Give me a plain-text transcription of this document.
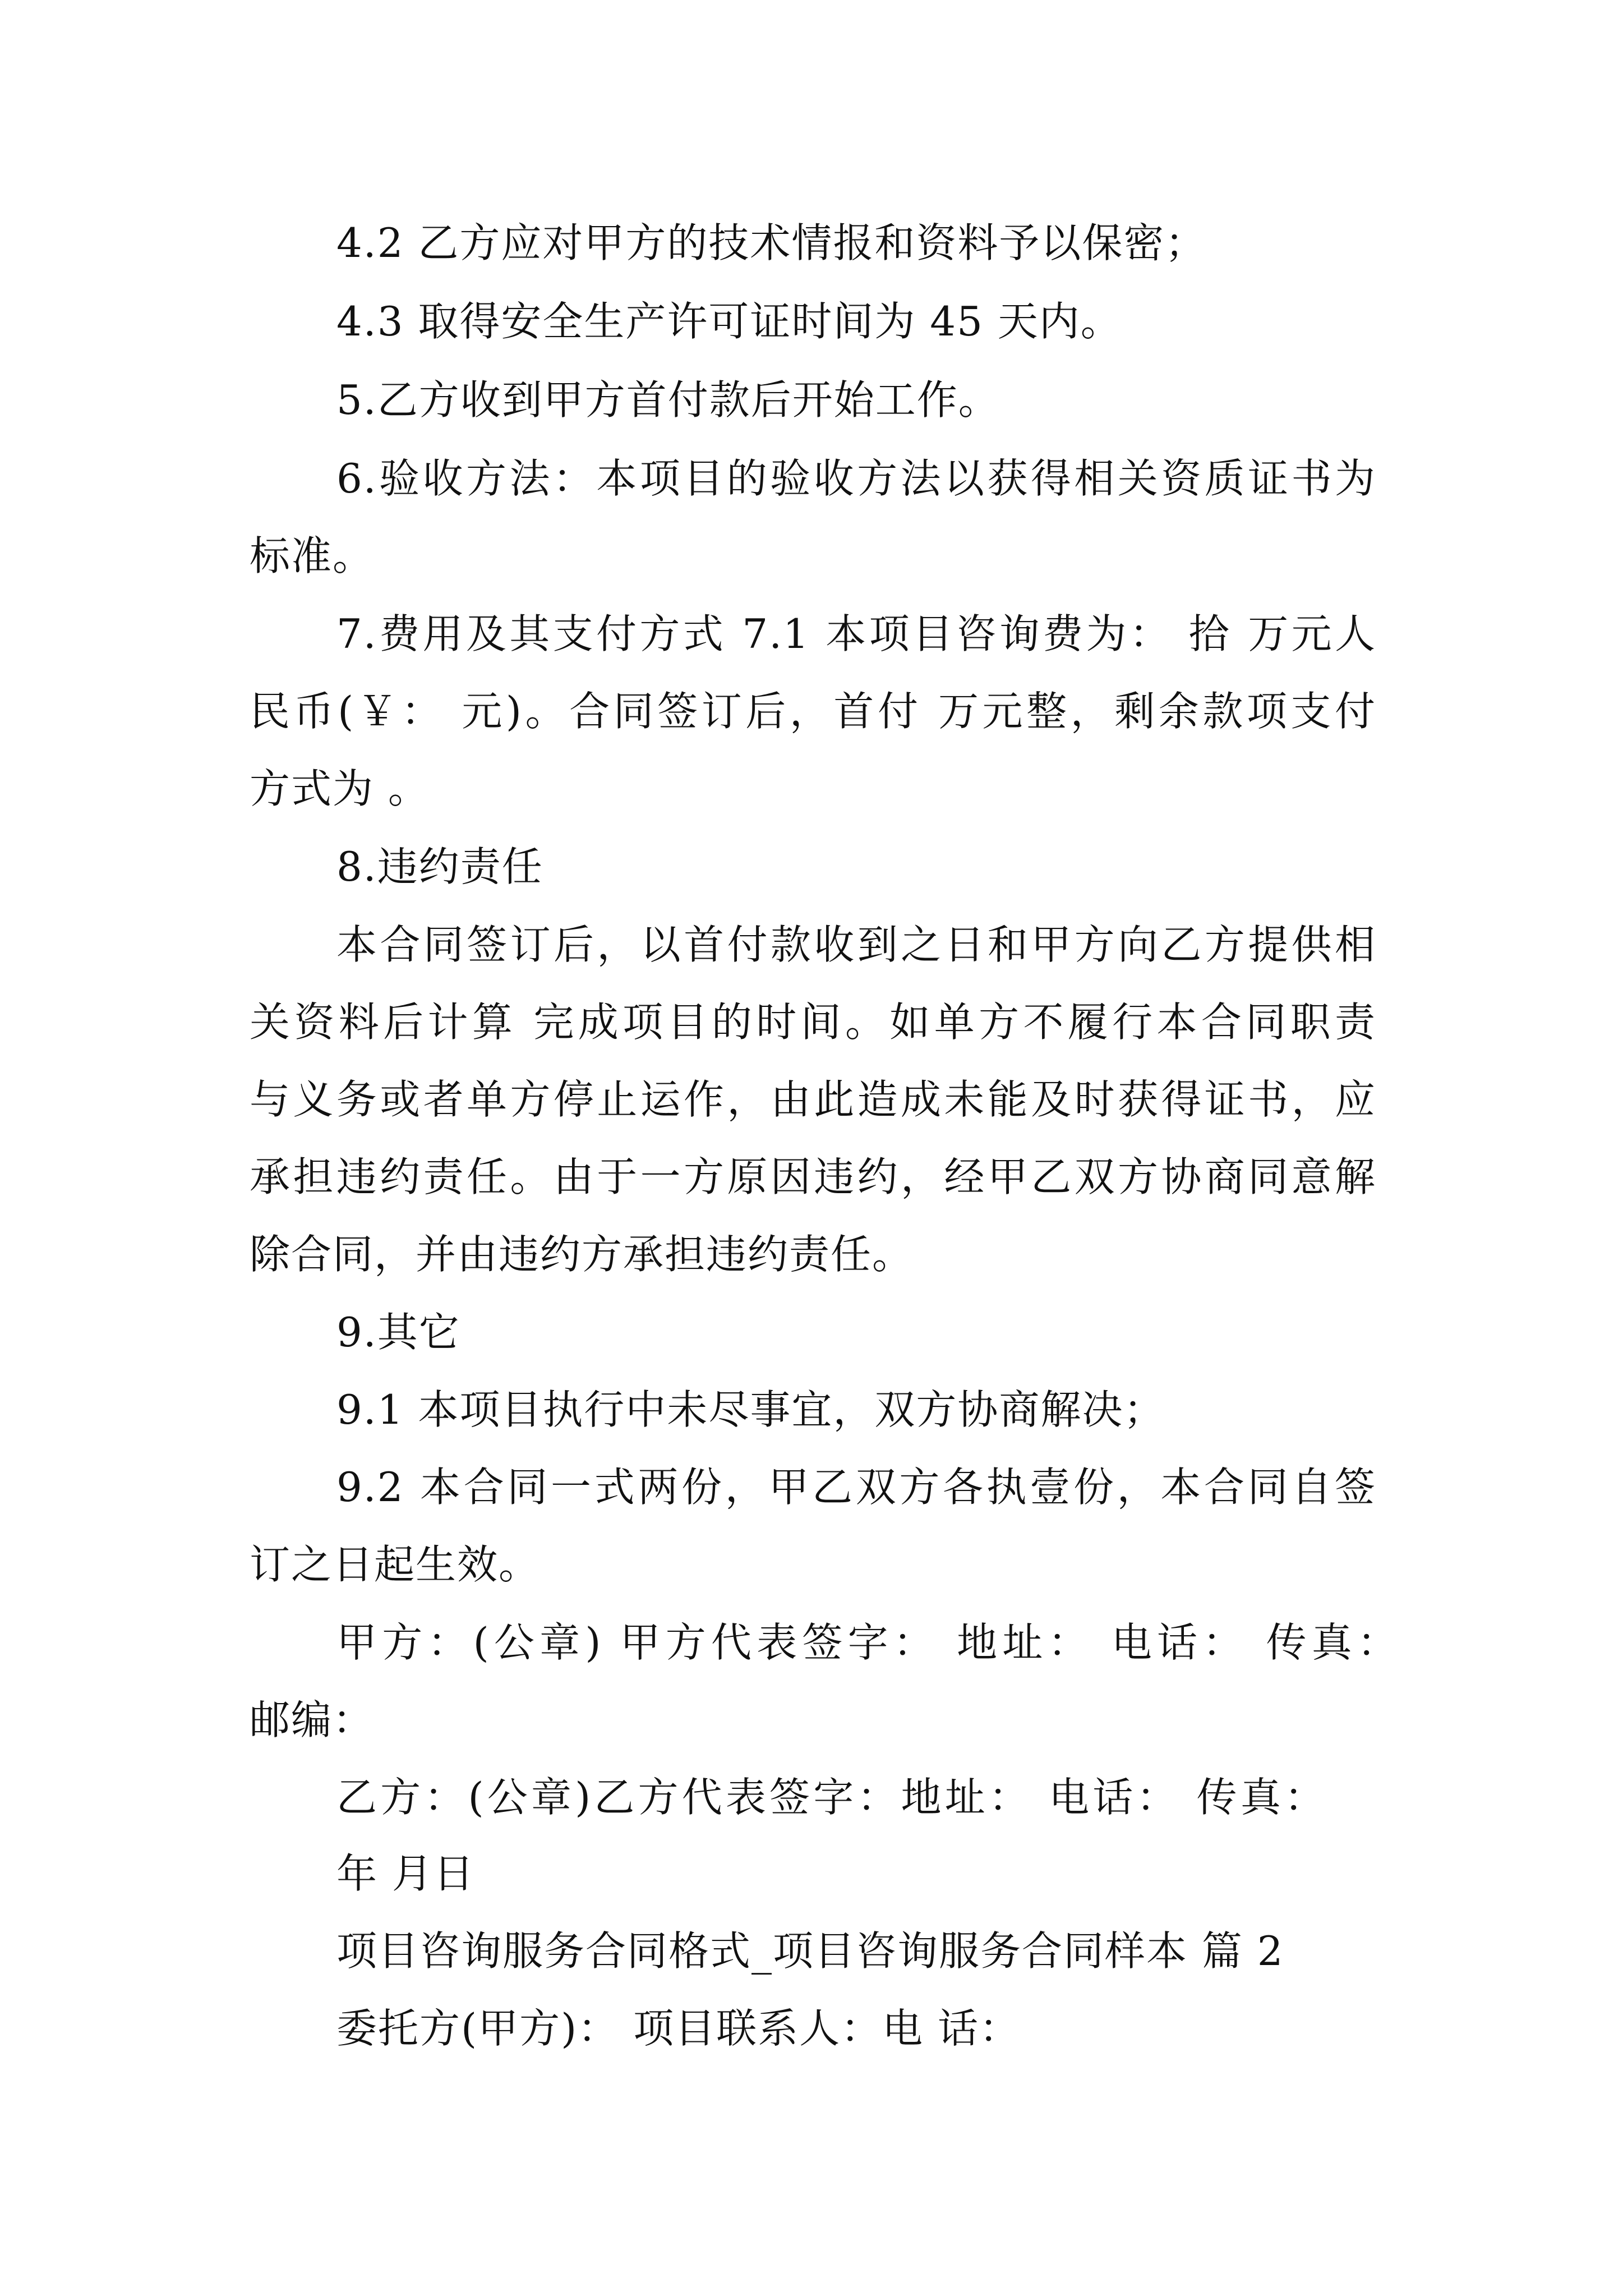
4.2 乙方应对甲方的技术情报和资料予以保密；
4.3 取得安全生产许可证时间为 45 天内。
5.乙方收到甲方首付款后开始工作。
6.验收方法：本项目的验收方法以获得相关资质证书为
标准。
7.费用及其支付方式 7.1 本项目咨询费为： 拾 万元人
民币(￥： 元)。合同签订后，首付 万元整，剩余款项支付
方式为 。
8.违约责任
本合同签订后，以首付款收到之日和甲方向乙方提供相
关资料后计算 完成项目的时间。如单方不履行本合同职责
与义务或者单方停止运作，由此造成未能及时获得证书，应
承担违约责任。由于一方原因违约，经甲乙双方协商同意解
除合同，并由违约方承担违约责任。
9.其它
9.1 本项目执行中未尽事宜，双方协商解决；
9.2 本合同一式两份，甲乙双方各执壹份，本合同自签
订之日起生效。
甲方：(公章) 甲方代表签字： 地址： 电话： 传真：
邮编：
乙方：(公章)乙方代表签字：地址： 电话： 传真：
年 月日
项目咨询服务合同格式_项目咨询服务合同样本 篇 2
委托方(甲方)： 项目联系人：电 话：
